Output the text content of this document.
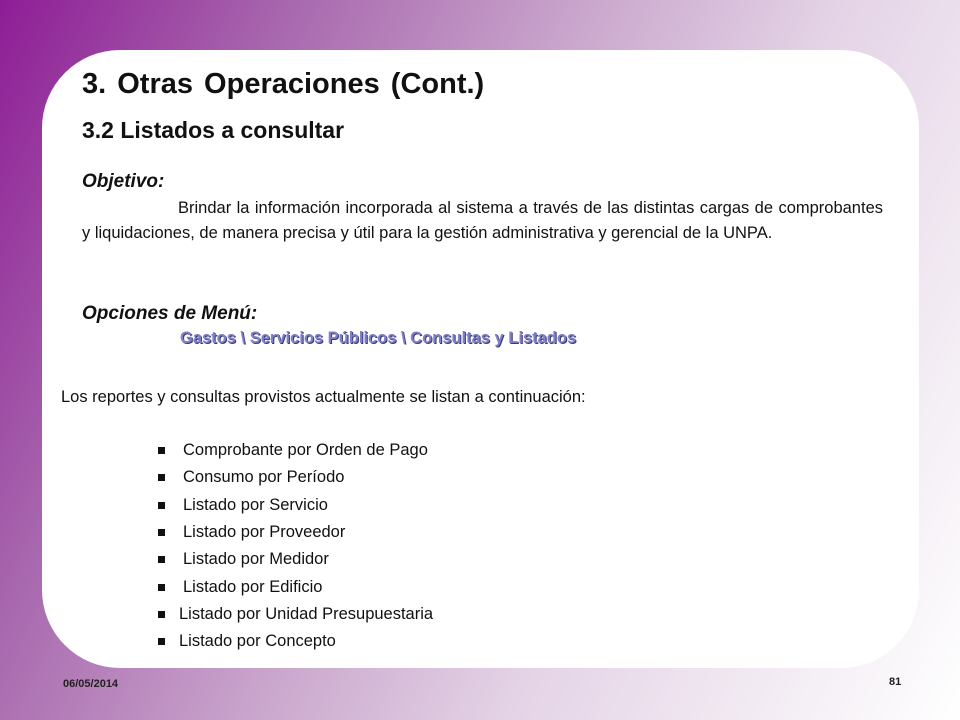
3. Otras Operaciones (Cont.)
3.2 Listados a consultar
Objetivo:

Brindar la información incorporada al sistema a través de las distintas cargas de comprobantes y liquidaciones, de manera precisa y útil para la gestión administrativa y gerencial de la UNPA.

Opciones de Menú:
Gastos \ Servicios Públicos \ Consultas y Listados

Los reportes y consultas provistos actualmente se listan a continuación:

Comprobante por Orden de Pago
Consumo por Período
Listado por Servicio
Listado por Proveedor
Listado por Medidor
Listado por Edificio
Listado por Unidad Presupuestaria
Listado por Concepto
06/05/2014	81
